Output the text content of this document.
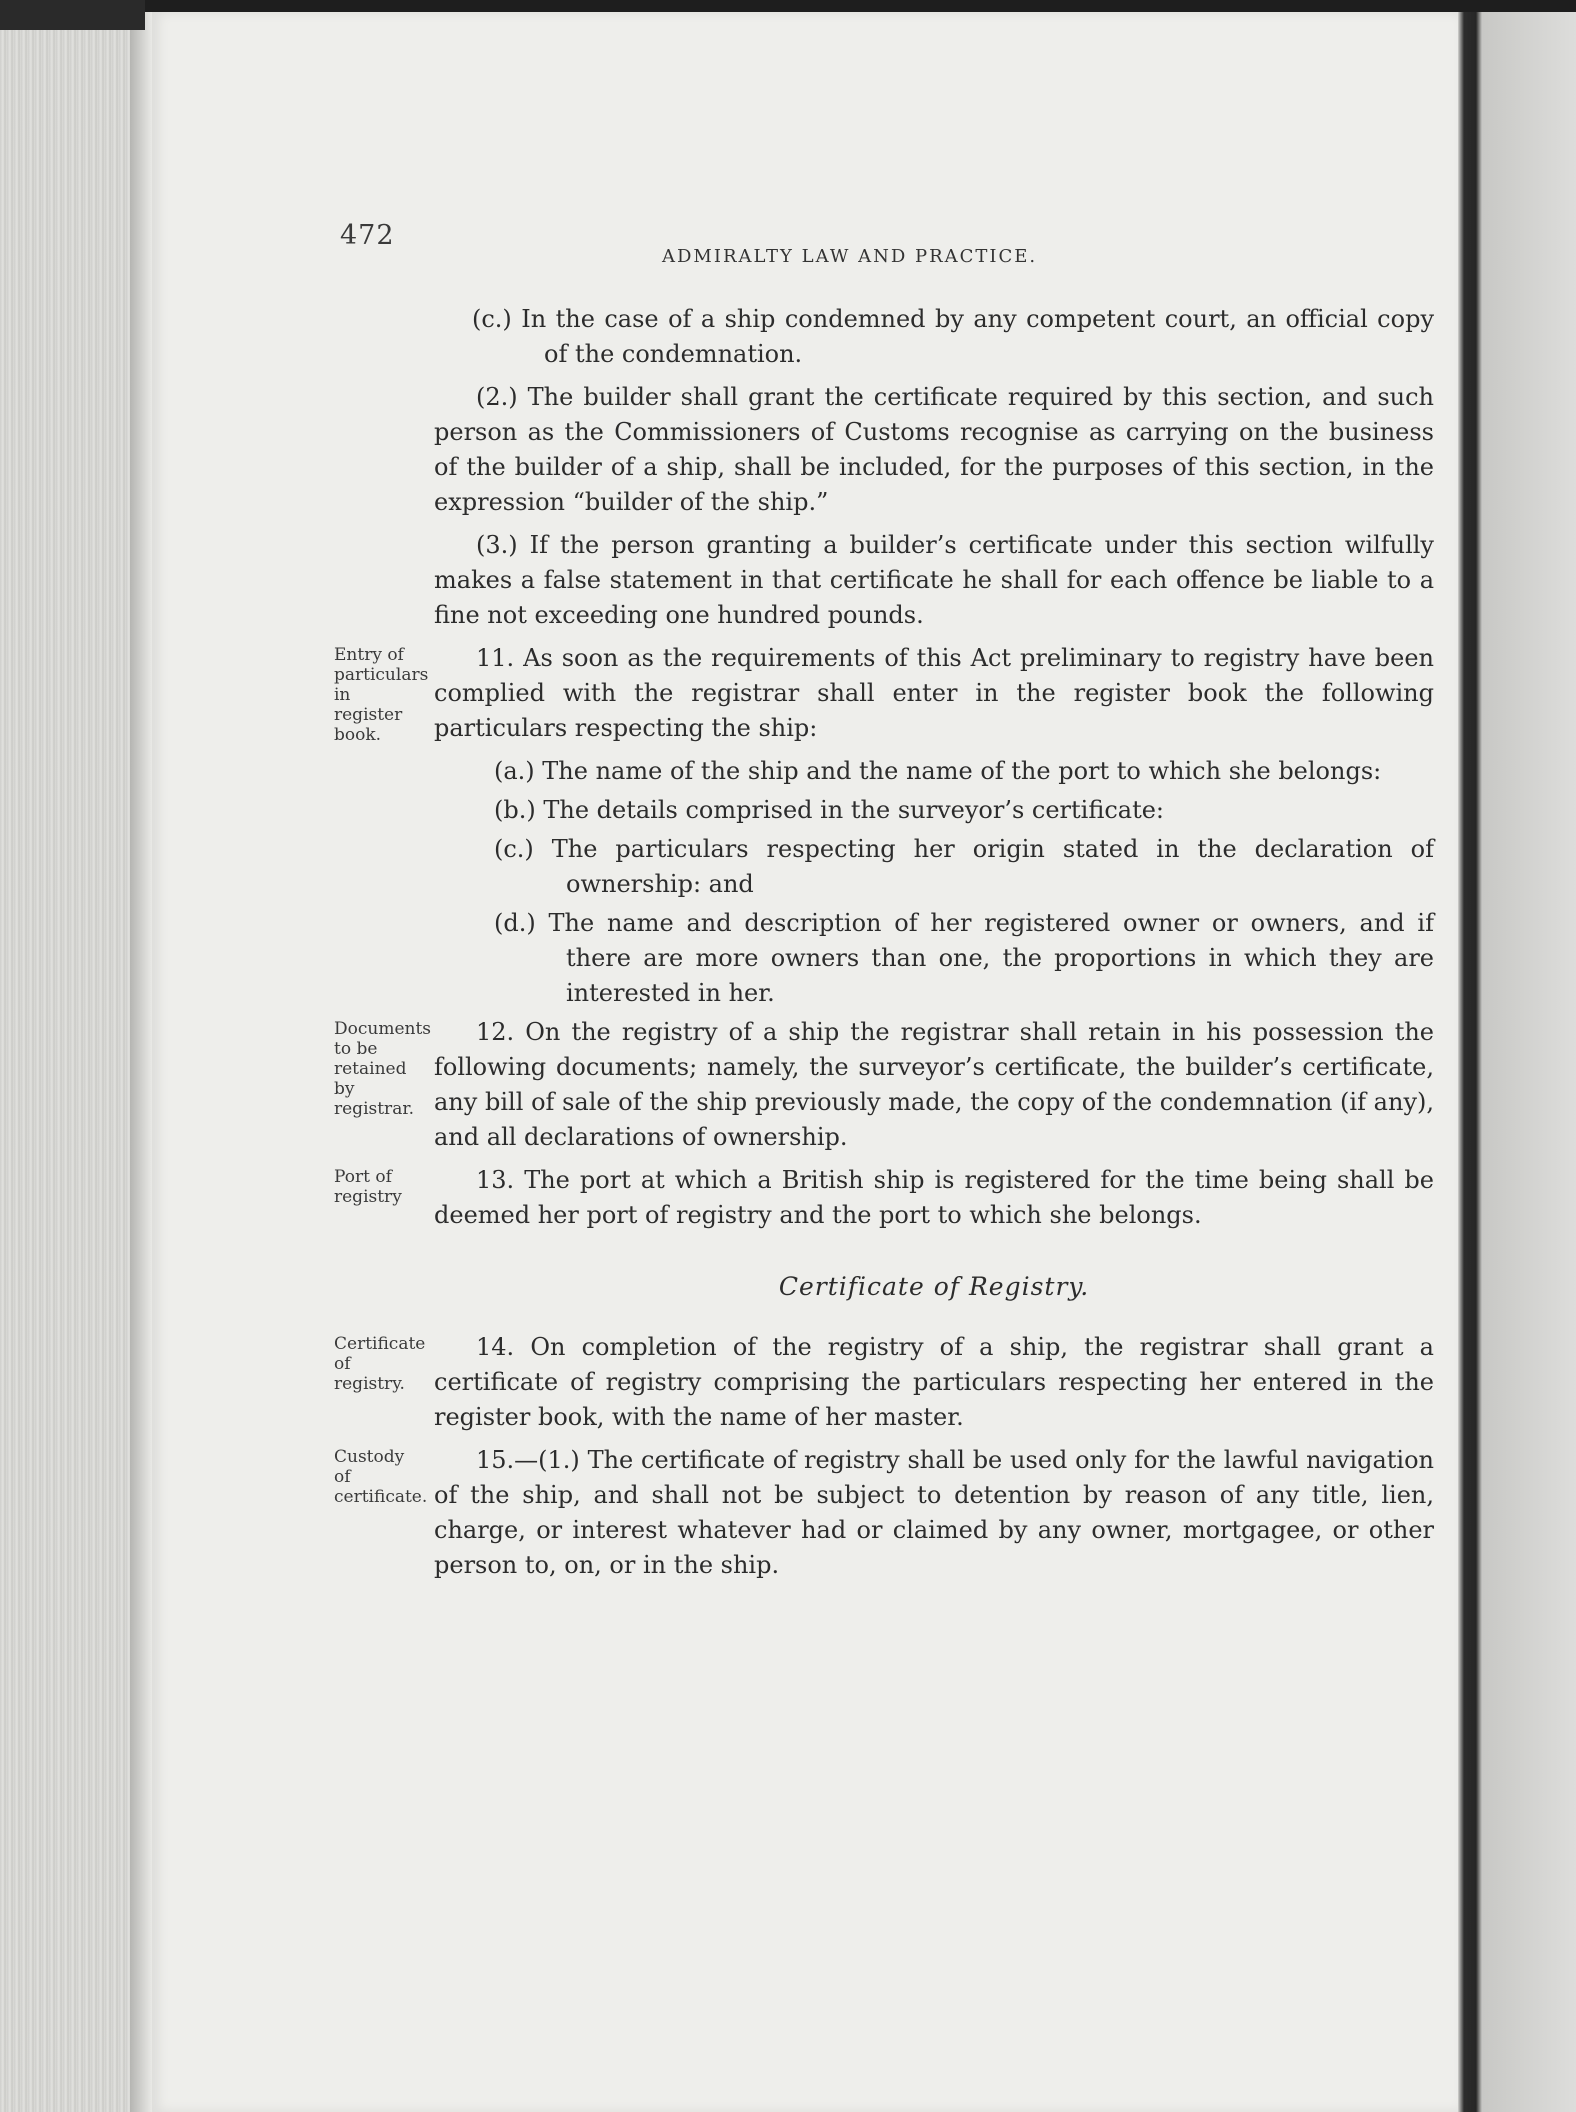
472
ADMIRALTY LAW AND PRACTICE.

(c.) In the case of a ship condemned by any competent court, an official copy of the condemnation.

(2.) The builder shall grant the certificate required by this section, and such person as the Commissioners of Customs recognise as carrying on the business of the builder of a ship, shall be included, for the purposes of this section, in the expression “builder of the ship.”

(3.) If the person granting a builder’s certificate under this section wilfully makes a false statement in that certificate he shall for each offence be liable to a fine not exceeding one hundred pounds.

Entry of particulars in register book.
11. As soon as the requirements of this Act preliminary to registry have been complied with the registrar shall enter in the register book the following particulars respecting the ship:

(a.) The name of the ship and the name of the port to which she belongs:

(b.) The details comprised in the surveyor’s certificate:

(c.) The particulars respecting her origin stated in the declaration of ownership: and

(d.) The name and description of her registered owner or owners, and if there are more owners than one, the proportions in which they are interested in her.

Documents to be retained by registrar.
12. On the registry of a ship the registrar shall retain in his possession the following documents; namely, the surveyor’s certificate, the builder’s certificate, any bill of sale of the ship previously made, the copy of the condemnation (if any), and all declarations of ownership.
Port of registry
13. The port at which a British ship is registered for the time being shall be deemed her port of registry and the port to which she belongs.
Certificate of Registry.
Certificate of registry.
14. On completion of the registry of a ship, the registrar shall grant a certificate of registry comprising the particulars respecting her entered in the register book, with the name of her master.
Custody of certificate.
15.—(1.) The certificate of registry shall be used only for the lawful navigation of the ship, and shall not be subject to detention by reason of any title, lien, charge, or interest whatever had or claimed by any owner, mortgagee, or other person to, on, or in the ship.
